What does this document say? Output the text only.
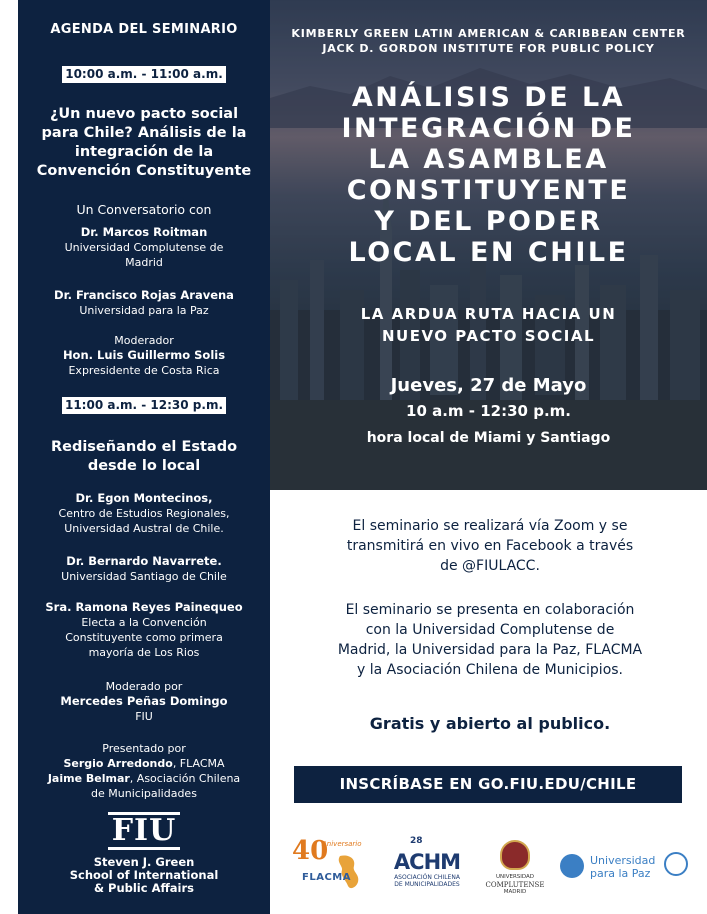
AGENDA DEL SEMINARIO
10:00 a.m. - 11:00 a.m.
¿Un nuevo pacto social
para Chile? Análisis de la
integración de la
Convención Constituyente
Un Conversatorio con
Dr. Marcos Roitman
Universidad Complutense de
Madrid
Dr. Francisco Rojas Aravena
Universidad para la Paz
Moderador
Hon. Luis Guillermo Solis
Expresidente de Costa Rica
11:00 a.m. - 12:30 p.m.
Rediseñando el Estado
desde lo local
Dr. Egon Montecinos,
Centro de Estudios Regionales,
Universidad Austral de Chile.
Dr. Bernardo Navarrete.
Universidad Santiago de Chile
Sra. Ramona Reyes Painequeo
Electa a la Convención
Constituyente como primera
mayoría de Los Rios
Moderado por
Mercedes Peñas Domingo
FIU
Presentado por
Sergio Arredondo, FLACMA
Jaime Belmar, Asociación Chilena
de Municipalidades
FIU
Steven J. Green
School of International
& Public Affairs
KIMBERLY GREEN LATIN AMERICAN & CARIBBEAN CENTER
JACK D. GORDON INSTITUTE FOR PUBLIC POLICY
ANÁLISIS DE LA
INTEGRACIÓN DE
LA ASAMBLEA
CONSTITUYENTE
Y DEL PODER
LOCAL EN CHILE
LA ARDUA RUTA HACIA UN
NUEVO PACTO SOCIAL
Jueves, 27 de Mayo
10 a.m - 12:30 p.m.
hora local de Miami y Santiago
El seminario se realizará vía Zoom y se
transmitirá en vivo en Facebook a través
de @FIULACC.
El seminario se presenta en colaboración
con la Universidad Complutense de
Madrid, la Universidad para la Paz, FLACMA
y la Asociación Chilena de Municipios.
Gratis y abierto al publico.
INSCRÍBASE EN GO.FIU.EDU/CHILE
40
Aniversario
FLACMA
28
ACHM
ASOCIACIÓN CHILENA
DE MUNICIPALIDADES
UNIVERSIDAD
COMPLUTENSE
MADRID
Universidad
para la Paz
